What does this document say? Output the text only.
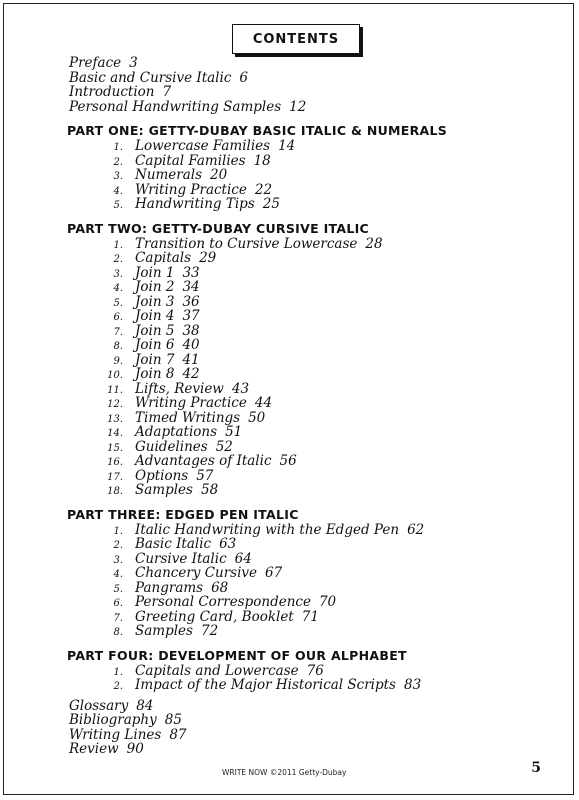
CONTENTS
Preface 3
Basic and Cursive Italic 6
Introduction 7
Personal Handwriting Samples 12
PART ONE: GETTY-DUBAY BASIC ITALIC & NUMERALS
1. Lowercase Families 14
2. Capital Families 18
3. Numerals 20
4. Writing Practice 22
5. Handwriting Tips 25
PART TWO: GETTY-DUBAY CURSIVE ITALIC
1. Transition to Cursive Lowercase 28
2. Capitals 29
3. Join 1 33
4. Join 2 34
5. Join 3 36
6. Join 4 37
7. Join 5 38
8. Join 6 40
9. Join 7 41
10. Join 8 42
11. Lifts, Review 43
12. Writing Practice 44
13. Timed Writings 50
14. Adaptations 51
15. Guidelines 52
16. Advantages of Italic 56
17. Options 57
18. Samples 58
PART THREE: EDGED PEN ITALIC
1. Italic Handwriting with the Edged Pen 62
2. Basic Italic 63
3. Cursive Italic 64
4. Chancery Cursive 67
5. Pangrams 68
6. Personal Correspondence 70
7. Greeting Card, Booklet 71
8. Samples 72
PART FOUR: DEVELOPMENT OF OUR ALPHABET
1. Capitals and Lowercase 76
2. Impact of the Major Historical Scripts 83
Glossary 84
Bibliography 85
Writing Lines 87
Review 90
WRITE NOW ©2011 Getty-Dubay	5
